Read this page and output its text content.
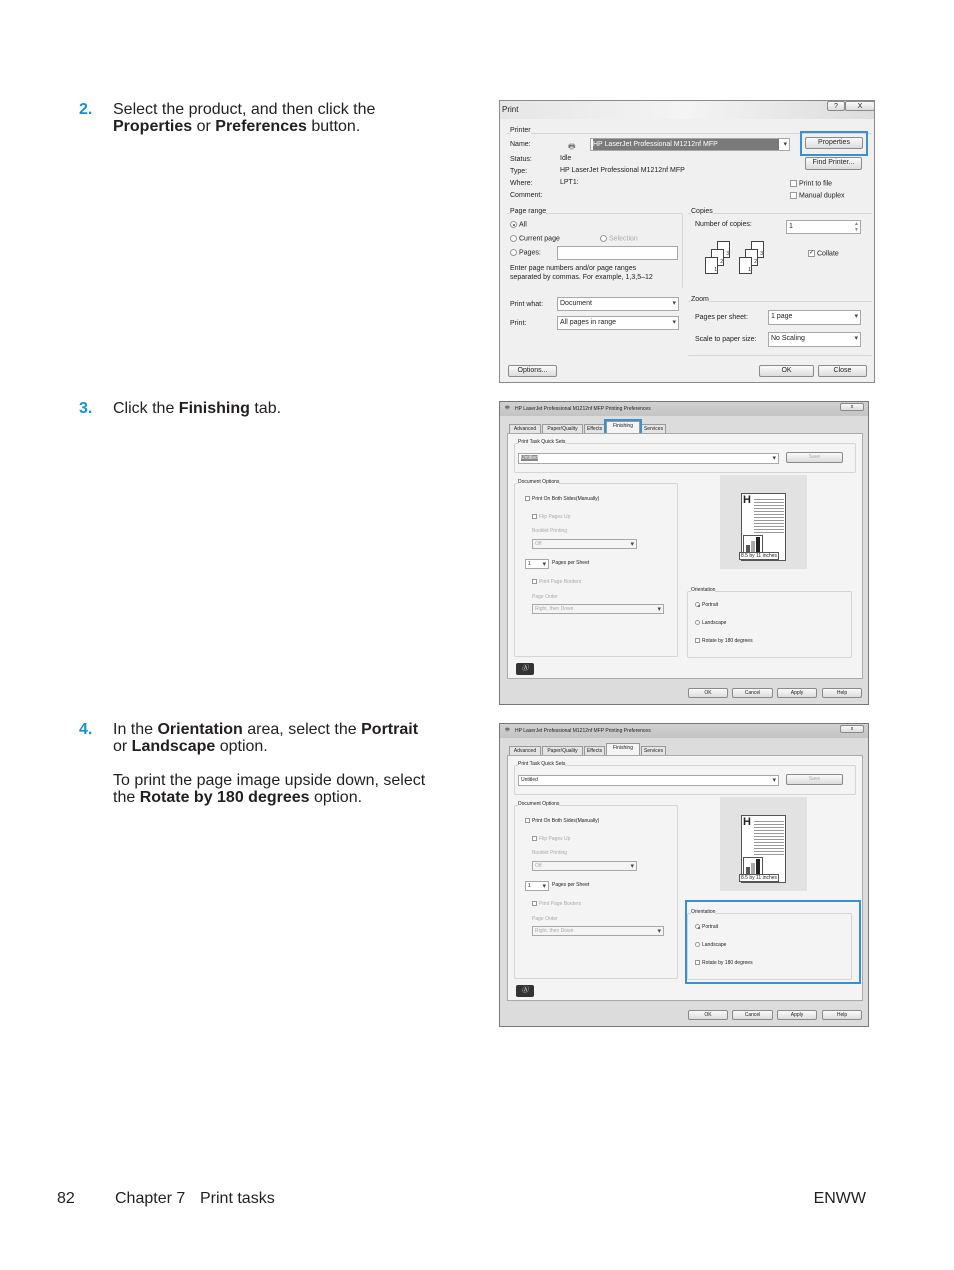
2. Select the product, and then click the
Properties or Preferences button.
3. Click the Finishing tab.
4. In the Orientation area, select the Portrait
or Landscape option.
To print the page image upside down, select
the Rotate by 180 degrees option.
Print	?	X
Printer
Name:	🖶	HP LaserJet Professional M1212nf MFP ▾	Properties
Status:	Idle
Type:	HP LaserJet Professional M1212nf MFP
Where:	LPT1:
Comment:
Find Printer...
Print to file
Manual duplex
Page range
All
Current page	Selection
Pages:
Enter page numbers and/or page ranges
separated by commas. For example, 1,3,5–12
Copies
Number of copies:	1	▲
▼
3
2
1
3
2
1
✓ Collate
Print what:	Document ▾
Print:	All pages in range ▾
Zoom
Pages per sheet:	1 page ▾
Scale to paper size:	No Scaling ▾
Options...	OK	Close
🖶 HP LaserJet Professional M1212nf MFP Printing Preferences	x
Advanced	Paper/Quality	Effects	Finishing	Services
Print Task Quick Sets
Untitled ▾	Save
Document Options
Print On Both Sides(Manually)
Flip Pages Up
Booklet Printing
Off ▾
1 ▾	Pages per Sheet
Print Page Borders
Page Order
Right, then Down ▾
H
8.5 by 11 inches
Orientation
Portrait
Landscape
Rotate by 180 degrees
ⓗ
OK	Cancel	Apply	Help
🖶 HP LaserJet Professional M1212nf MFP Printing Preferences	x
Advanced	Paper/Quality	Effects	Finishing	Services
Print Task Quick Sets
Untitled ▾	Save
Document Options
Print On Both Sides(Manually)
Flip Pages Up
Booklet Printing
Off ▾
1 ▾	Pages per Sheet
Print Page Borders
Page Order
Right, then Down ▾
H
8.5 by 11 inches
Orientation
Portrait
Landscape
Rotate by 180 degrees
ⓗ
OK	Cancel	Apply	Help
82	Chapter 7 Print tasks	ENWW
